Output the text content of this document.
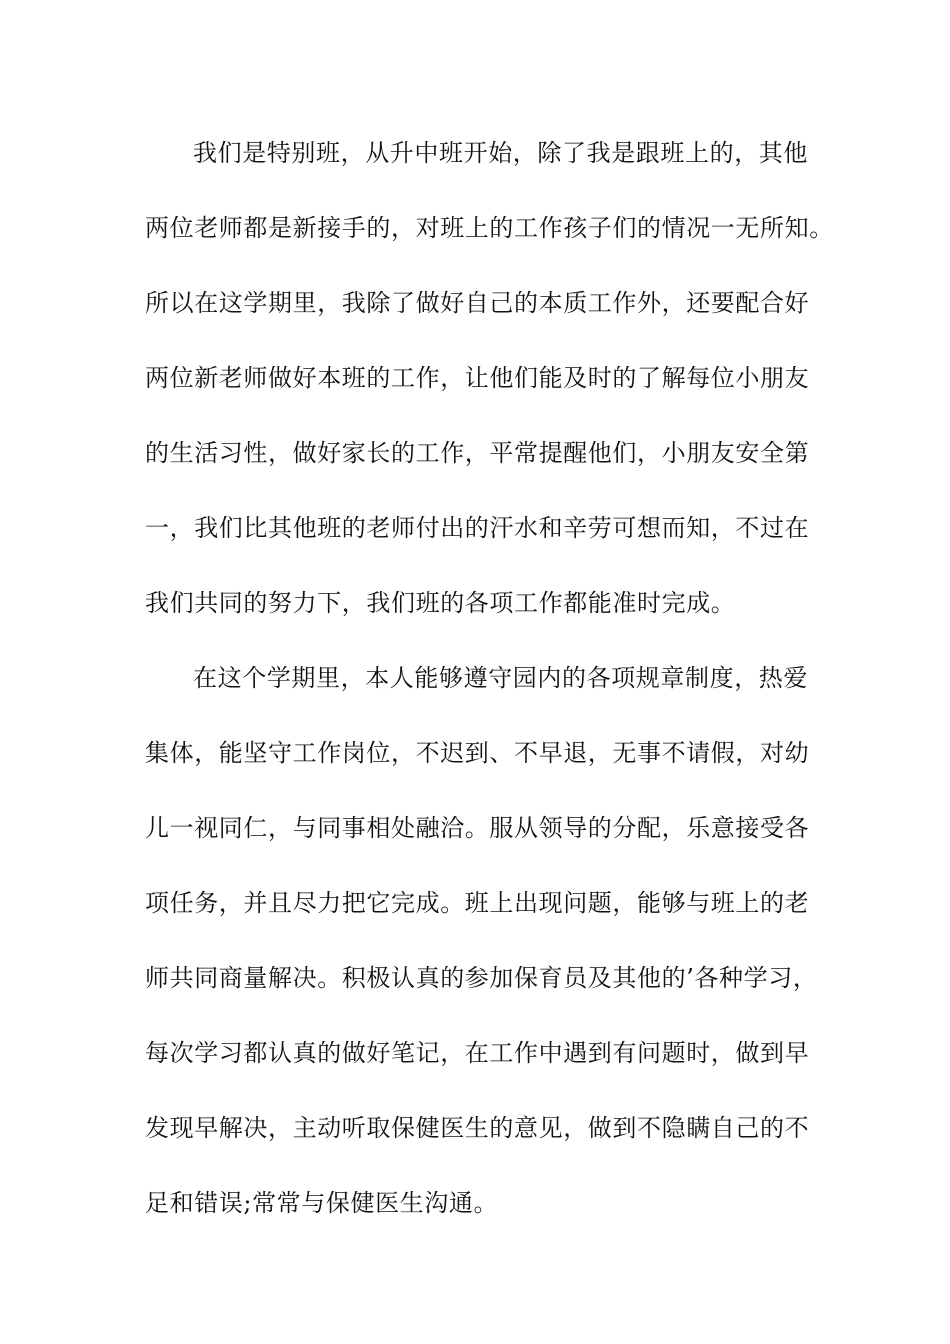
我们是特别班，从升中班开始，除了我是跟班上的，其他
两位老师都是新接手的，对班上的工作孩子们的情况一无所知。
所以在这学期里，我除了做好自己的本质工作外，还要配合好
两位新老师做好本班的工作，让他们能及时的了解每位小朋友
的生活习性，做好家长的工作，平常提醒他们，小朋友安全第
一，我们比其他班的老师付出的汗水和辛劳可想而知，不过在
我们共同的努力下，我们班的各项工作都能准时完成。
在这个学期里，本人能够遵守园内的各项规章制度，热爱
集体，能坚守工作岗位，不迟到、不早退，无事不请假，对幼
儿一视同仁，与同事相处融洽。服从领导的分配，乐意接受各
项任务，并且尽力把它完成。班上出现问题，能够与班上的老
师共同商量解决。积极认真的参加保育员及其他的’各种学习，
每次学习都认真的做好笔记，在工作中遇到有问题时，做到早
发现早解决，主动听取保健医生的意见，做到不隐瞒自己的不
足和错误;常常与保健医生沟通。
